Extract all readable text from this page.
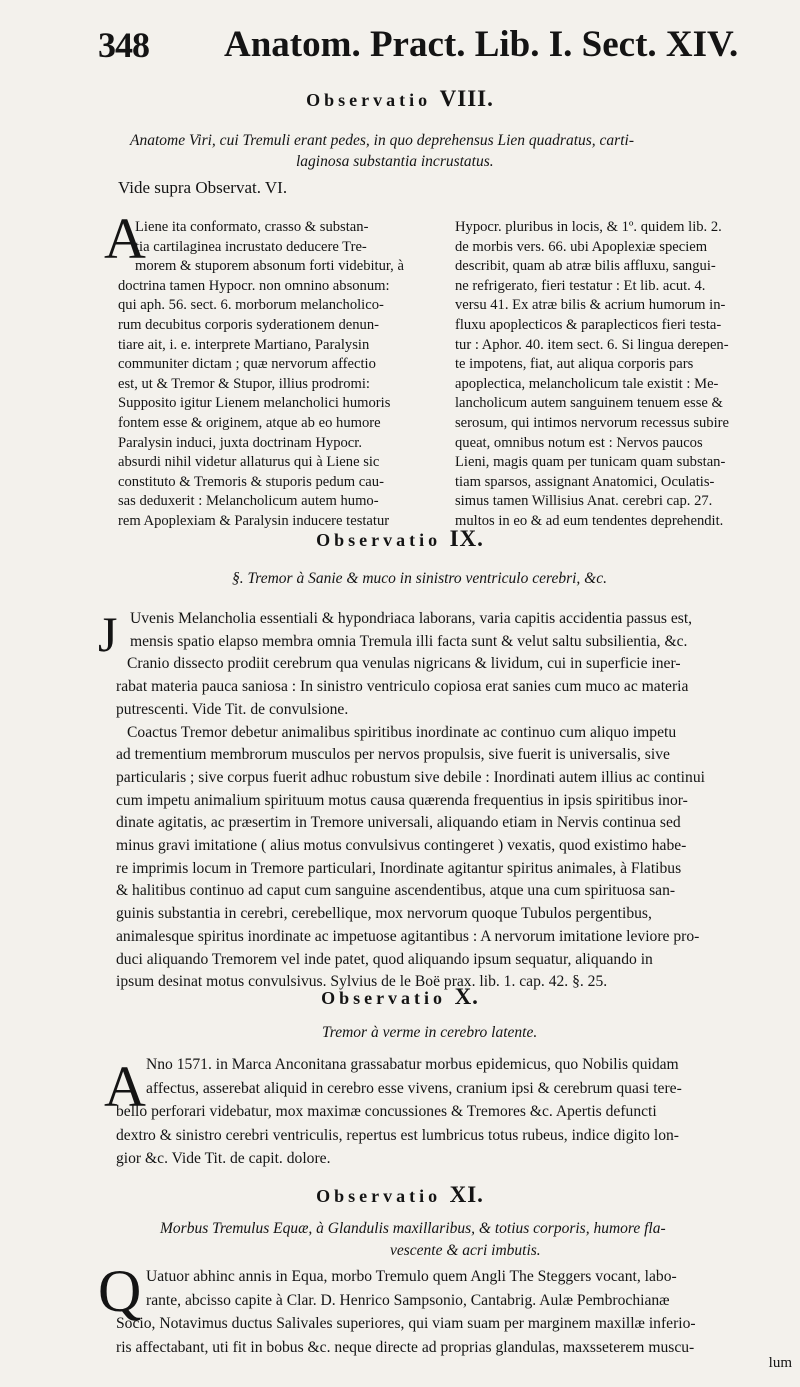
348 Anatom. Pract. Lib. I. Sect. XIV.
Observatio VIII.
Anatome Viri, cui Tremuli erant pedes, in quo deprehensus Lien quadratus, carti-
laginosa substantia incrustatus.
Vide supra Observat. VI.
A
Liene ita conformato, crasso & substan-
tia cartilaginea incrustato deducere Tre-
morem & stuporem absonum forti videbitur, à
doctrina tamen Hypocr. non omnino absonum:
qui aph. 56. sect. 6. morborum melancholico-
rum decubitus corporis syderationem denun-
tiare ait, i. e. interprete Martiano, Paralysin
communiter dictam ; quæ nervorum affectio
est, ut & Tremor & Stupor, illius prodromi:
Supposito igitur Lienem melancholici humoris
fontem esse & originem, atque ab eo humore
Paralysin induci, juxta doctrinam Hypocr.
absurdi nihil videtur allaturus qui à Liene sic
constituto & Tremoris & stuporis pedum cau-
sas deduxerit : Melancholicum autem humo-
rem Apoplexiam & Paralysin inducere testatur
Hypocr. pluribus in locis, & 1º. quidem lib. 2.
de morbis vers. 66. ubi Apoplexiæ speciem
describit, quam ab atræ bilis affluxu, sangui-
ne refrigerato, fieri testatur : Et lib. acut. 4.
versu 41. Ex atræ bilis & acrium humorum in-
fluxu apoplecticos & paraplecticos fieri testa-
tur : Aphor. 40. item sect. 6. Si lingua derepen-
te impotens, fiat, aut aliqua corporis pars
apoplectica, melancholicum tale existit : Me-
lancholicum autem sanguinem tenuem esse &
serosum, qui intimos nervorum recessus subire
queat, omnibus notum est : Nervos paucos
Lieni, magis quam per tunicam quam substan-
tiam sparsos, assignant Anatomici, Oculatis-
simus tamen Willisius Anat. cerebri cap. 27.
multos in eo & ad eum tendentes deprehendit.
Observatio IX.
§. Tremor à Sanie & muco in sinistro ventriculo cerebri, &c.
J Uvenis Melancholia essentiali & hypondriaca laborans, varia capitis accidentia passus est,
mensis spatio elapso membra omnia Tremula illi facta sunt & velut saltu subsilientia, &c.
Cranio dissecto prodiit cerebrum qua venulas nigricans & lividum, cui in superficie iner-
rabat materia pauca saniosa : In sinistro ventriculo copiosa erat sanies cum muco ac materia
putrescenti. Vide Tit. de convulsione.
Coactus Tremor debetur animalibus spiritibus inordinate ac continuo cum aliquo impetu
ad trementium membrorum musculos per nervos propulsis, sive fuerit is universalis, sive
particularis ; sive corpus fuerit adhuc robustum sive debile : Inordinati autem illius ac continui
cum impetu animalium spirituum motus causa quærenda frequentius in ipsis spiritibus inor-
dinate agitatis, ac præsertim in Tremore universali, aliquando etiam in Nervis continua sed
minus gravi imitatione ( alius motus convulsivus contingeret ) vexatis, quod existimo habe-
re imprimis locum in Tremore particulari, Inordinate agitantur spiritus animales, à Flatibus
& halitibus continuo ad caput cum sanguine ascendentibus, atque una cum spirituosa san-
guinis substantia in cerebri, cerebellique, mox nervorum quoque Tubulos pergentibus,
animalesque spiritus inordinate ac impetuose agitantibus : A nervorum imitatione leviore pro-
duci aliquando Tremorem vel inde patet, quod aliquando ipsum sequatur, aliquando in
ipsum desinat motus convulsivus. Sylvius de le Boë prax. lib. 1. cap. 42. §. 25.
Observatio X.
Tremor à verme in cerebro latente.
A Nno 1571. in Marca Anconitana grassabatur morbus epidemicus, quo Nobilis quidam
affectus, asserebat aliquid in cerebro esse vivens, cranium ipsi & cerebrum quasi tere-
bello perforari videbatur, mox maximæ concussiones & Tremores &c. Apertis defuncti
dextro & sinistro cerebri ventriculis, repertus est lumbricus totus rubeus, indice digito lon-
gior &c. Vide Tit. de capit. dolore.
Observatio XI.
Morbus Tremulus Equæ, à Glandulis maxillaribus, & totius corporis, humore fla-
vescente & acri imbutis.
Q Uatuor abhinc annis in Equa, morbo Tremulo quem Angli The Steggers vocant, labo-
rante, abcisso capite à Clar. D. Henrico Sampsonio, Cantabrig. Aulæ Pembrochianæ
Socio, Notavimus ductus Salivales superiores, qui viam suam per marginem maxillæ inferio-
ris affectabant, uti fit in bobus &c. neque directe ad proprias glandulas, maxsseterem muscu-
lum
